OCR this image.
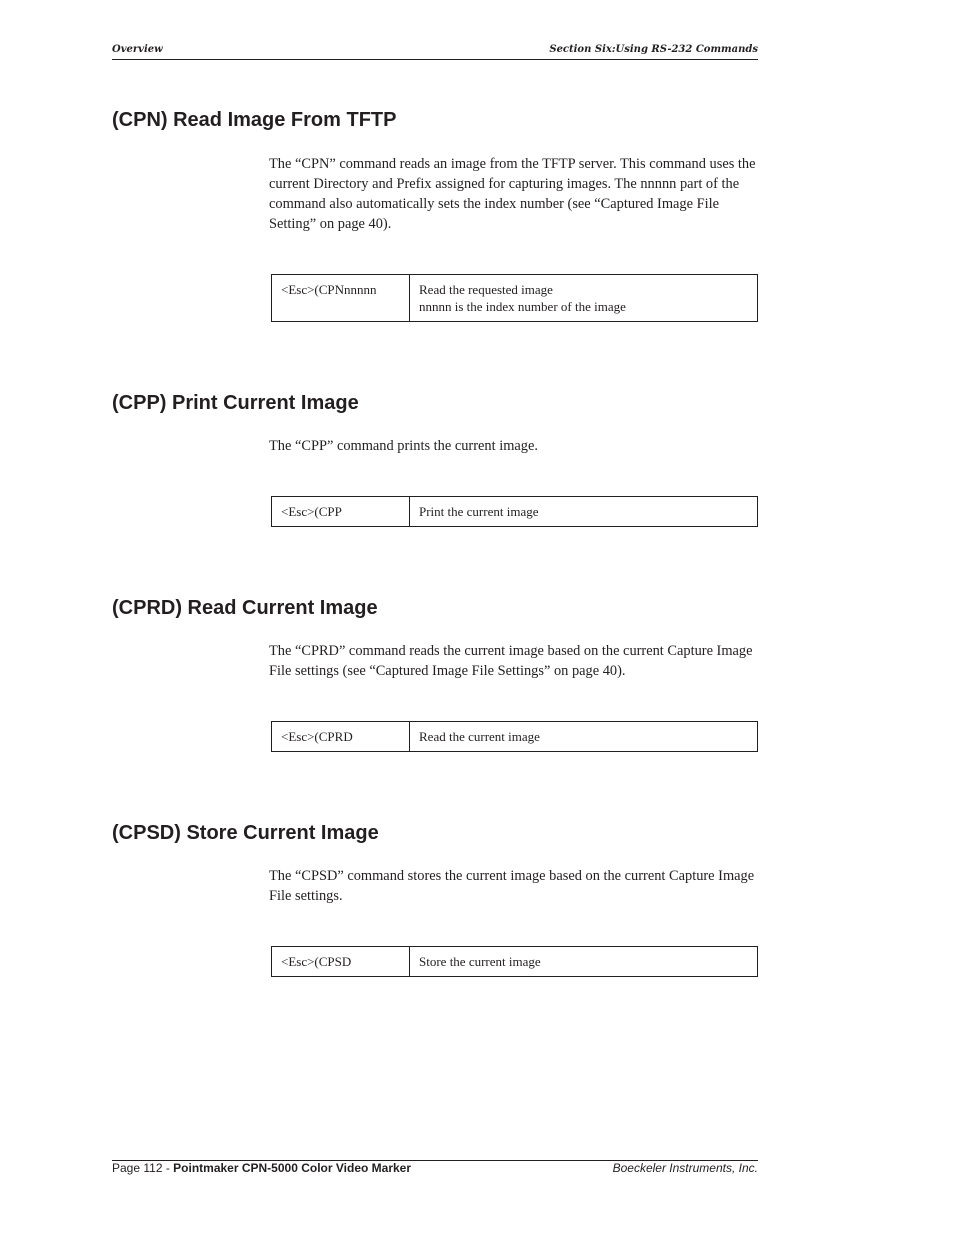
Overview	Section Six:Using RS-232 Commands
(CPN) Read Image From TFTP

The “CPN” command reads an image from the TFTP server. This command uses the current Directory and Prefix assigned for capturing images. The nnnnn part of the command also automatically sets the index number (see “Captured Image File Setting” on page 40).

<Esc>(CPNnnnnn	Read the requested image
nnnnn is the index number of the image
(CPP) Print Current Image

The “CPP” command prints the current image.

<Esc>(CPP	Print the current image
(CPRD) Read Current Image

The “CPRD” command reads the current image based on the current Capture Image File settings (see “Captured Image File Settings” on page 40).

<Esc>(CPRD	Read the current image
(CPSD) Store Current Image

The “CPSD” command stores the current image based on the current Capture Image File settings.

<Esc>(CPSD	Store the current image
Page 112 - Pointmaker CPN-5000 Color Video Marker	Boeckeler Instruments, Inc.
